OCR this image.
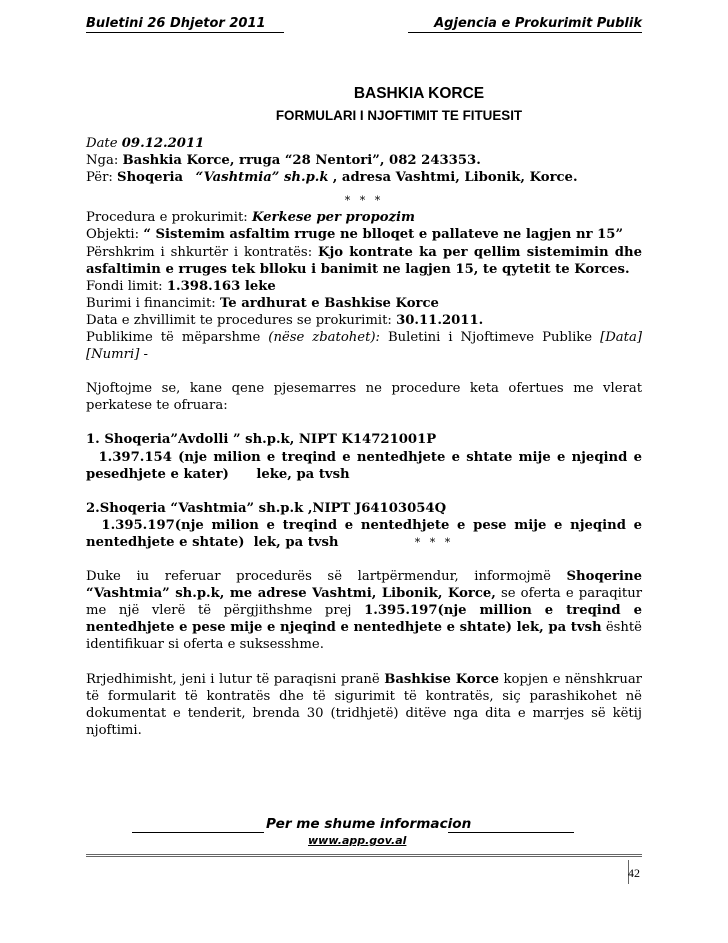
Buletini 26 Dhjetor 2011	Agjencia e Prokurimit Publik

BASHKIA KORCE

FORMULARI I NJOFTIMIT TE FITUESIT

Date 09.12.2011

Nga: Bashkia Korce, rruga “28 Nentori”, 082 243353.

Për: Shoqeria “Vashtmia” sh.p.k , adresa Vashtmi, Libonik, Korce.

* * *

Procedura e prokurimit: Kerkese per propozim

Objekti: “ Sistemim asfaltim rruge ne blloqet e pallateve ne lagjen nr 15”

Përshkrim i shkurtër i kontratës: Kjo kontrate ka per qellim sistemimin dhe asfaltimin e rruges tek blloku i banimit ne lagjen 15, te qytetit te Korces.

Fondi limit: 1.398.163 leke

Burimi i financimit: Te ardhurat e Bashkise Korce

Data e zhvillimit te procedures se prokurimit: 30.11.2011.

Publikime të mëparshme (nëse zbatohet): Buletini i Njoftimeve Publike [Data] [Numri] -

Njoftojme se, kane qene pjesemarres ne procedure keta ofertues me vlerat perkatese te ofruara:

1. Shoqeria”Avdolli ” sh.p.k, NIPT K14721001P

1.397.154 (nje milion e treqind e nentedhjete e shtate mije e njeqind e pesedhjete e kater)      leke, pa tvsh

2.Shoqeria “Vashtmia” sh.p.k ,NIPT J64103054Q

1.395.197(nje milion e treqind e nentedhjete e pese mije e njeqind e nentedhjete e shtate)  lek, pa tvsh	* * *

Duke iu referuar procedurës së lartpërmendur, informojmë Shoqerine “Vashtmia” sh.p.k, me adrese Vashtmi, Libonik, Korce, se oferta e paraqitur me një vlerë të përgjithshme prej 1.395.197(nje million e treqind e nentedhjete e pese mije e njeqind e nentedhjete e shtate) lek, pa tvsh është identifikuar si oferta e suksesshme.

Rrjedhimisht, jeni i lutur të paraqisni pranë Bashkise Korce kopjen e nënshkruar të formularit të kontratës dhe të sigurimit të kontratës, siç parashikohet në dokumentat e tenderit, brenda 30 (tridhjetë) ditëve nga dita e marrjes së këtij njoftimi.

Per me shume informacion
www.app.gov.al
42
